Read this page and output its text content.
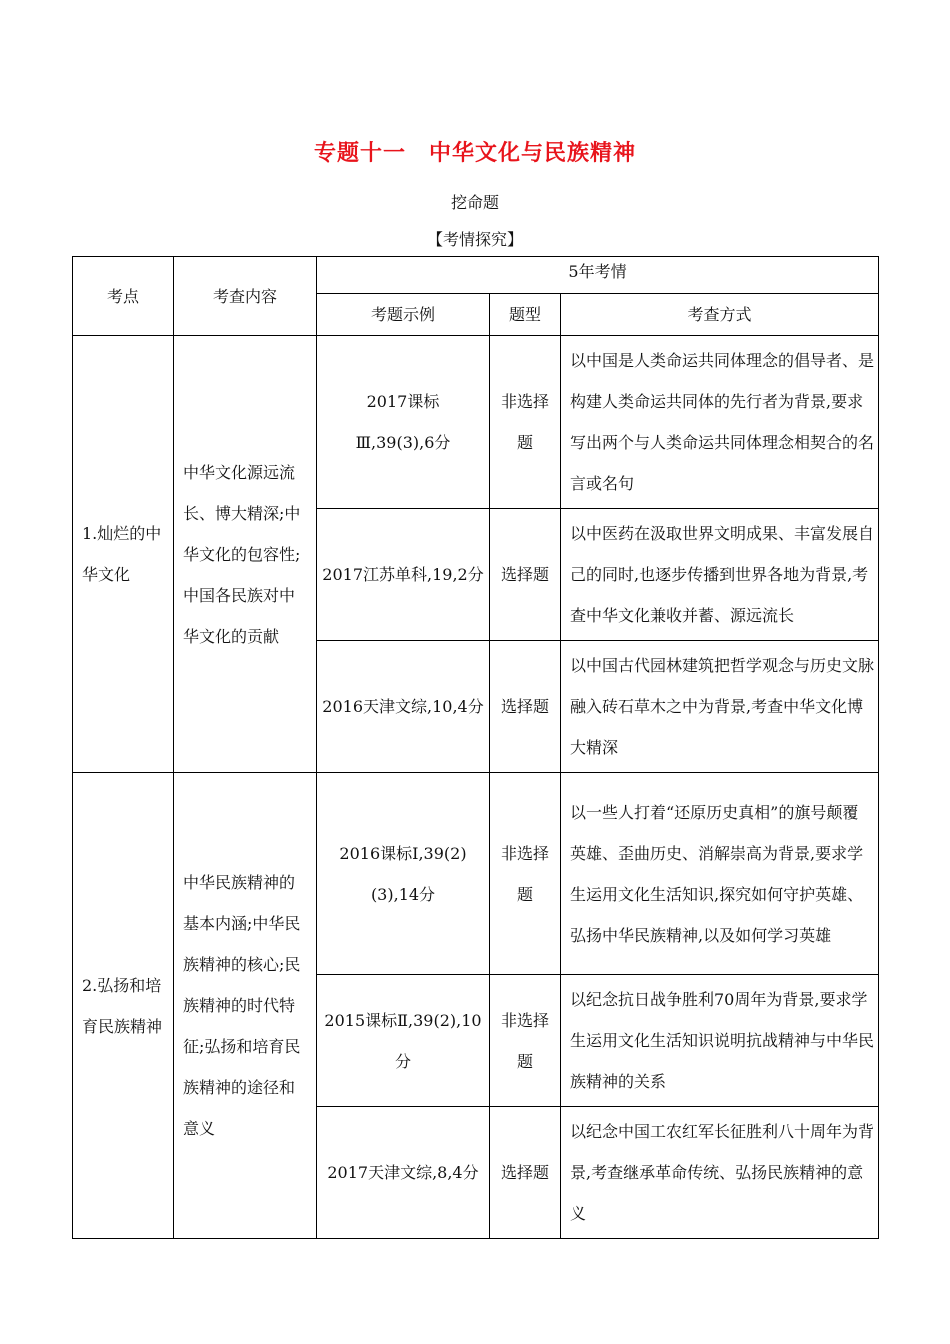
专题十一　中华文化与民族精神
挖命题
【考情探究】
考点	考查内容	5年考情		
		考题示例	题型	考查方式
1.灿烂的中华文化	中华文化源远流长、博大精深;中华文化的包容性;中国各民族对中华文化的贡献	2017课标Ⅲ,39(3),6分	非选择题	以中国是人类命运共同体理念的倡导者、是构建人类命运共同体的先行者为背景,要求写出两个与人类命运共同体理念相契合的名言或名句
		2017江苏单科,19,2分	选择题	以中医药在汲取世界文明成果、丰富发展自己的同时,也逐步传播到世界各地为背景,考查中华文化兼收并蓄、源远流长
		2016天津文综,10,4分	选择题	以中国古代园林建筑把哲学观念与历史文脉融入砖石草木之中为背景,考查中华文化博大精深
2.弘扬和培育民族精神	中华民族精神的基本内涵;中华民族精神的核心;民族精神的时代特征;弘扬和培育民族精神的途径和意义	2016课标Ⅰ,39(2)(3),14分	非选择题	以一些人打着“还原历史真相”的旗号颠覆英雄、歪曲历史、消解崇高为背景,要求学生运用文化生活知识,探究如何守护英雄、弘扬中华民族精神,以及如何学习英雄
		2015课标Ⅱ,39(2),10分	非选择题	以纪念抗日战争胜利70周年为背景,要求学生运用文化生活知识说明抗战精神与中华民族精神的关系
		2017天津文综,8,4分	选择题	以纪念中国工农红军长征胜利八十周年为背景,考查继承革命传统、弘扬民族精神的意义
